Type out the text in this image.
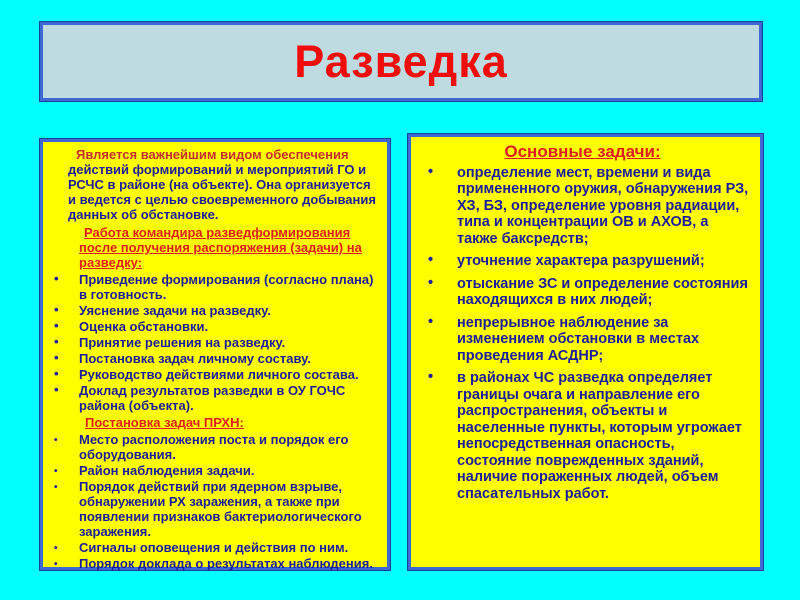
Разведка

Является важнейшим видом обеспечения действий формирований и мероприятий ГО и РСЧС в районе (на объекте). Она организуется и ведется с целью своевременного добывания данных об обстановке.

Работа командира разведформирования после получения распоряжения (задачи) на разведку:
• Приведение формирования (согласно плана) в готовность.
• Уяснение задачи на разведку.
• Оценка обстановки.
• Принятие решения на разведку.
• Постановка задач личному составу.
• Руководство действиями личного состава.
• Доклад результатов разведки в ОУ ГОЧС района (объекта).
Постановка задач ПРХН:
• Место расположения поста и порядок его оборудования.
• Район наблюдения задачи.
• Порядок действий при ядерном взрыве, обнаружении РХ заражения, а также при появлении признаков бактериологического заражения.
• Сигналы оповещения и действия по ним.
• Порядок доклада о результатах наблюдения.
Основные задачи:
• определение мест, времени и вида примененного оружия, обнаружения РЗ, ХЗ, БЗ, определение уровня радиации, типа и концентрации ОВ и АХОВ, а также баксредств;
• уточнение характера разрушений;
• отыскание ЗС и определение состояния находящихся в них людей;
• непрерывное наблюдение за изменением обстановки в местах проведения АСДНР;
• в районах ЧС разведка определяет границы очага и направление его распространения, объекты и населенные пункты, которым угрожает непосредственная опасность, состояние поврежденных зданий, наличие пораженных людей, объем спасательных работ.
